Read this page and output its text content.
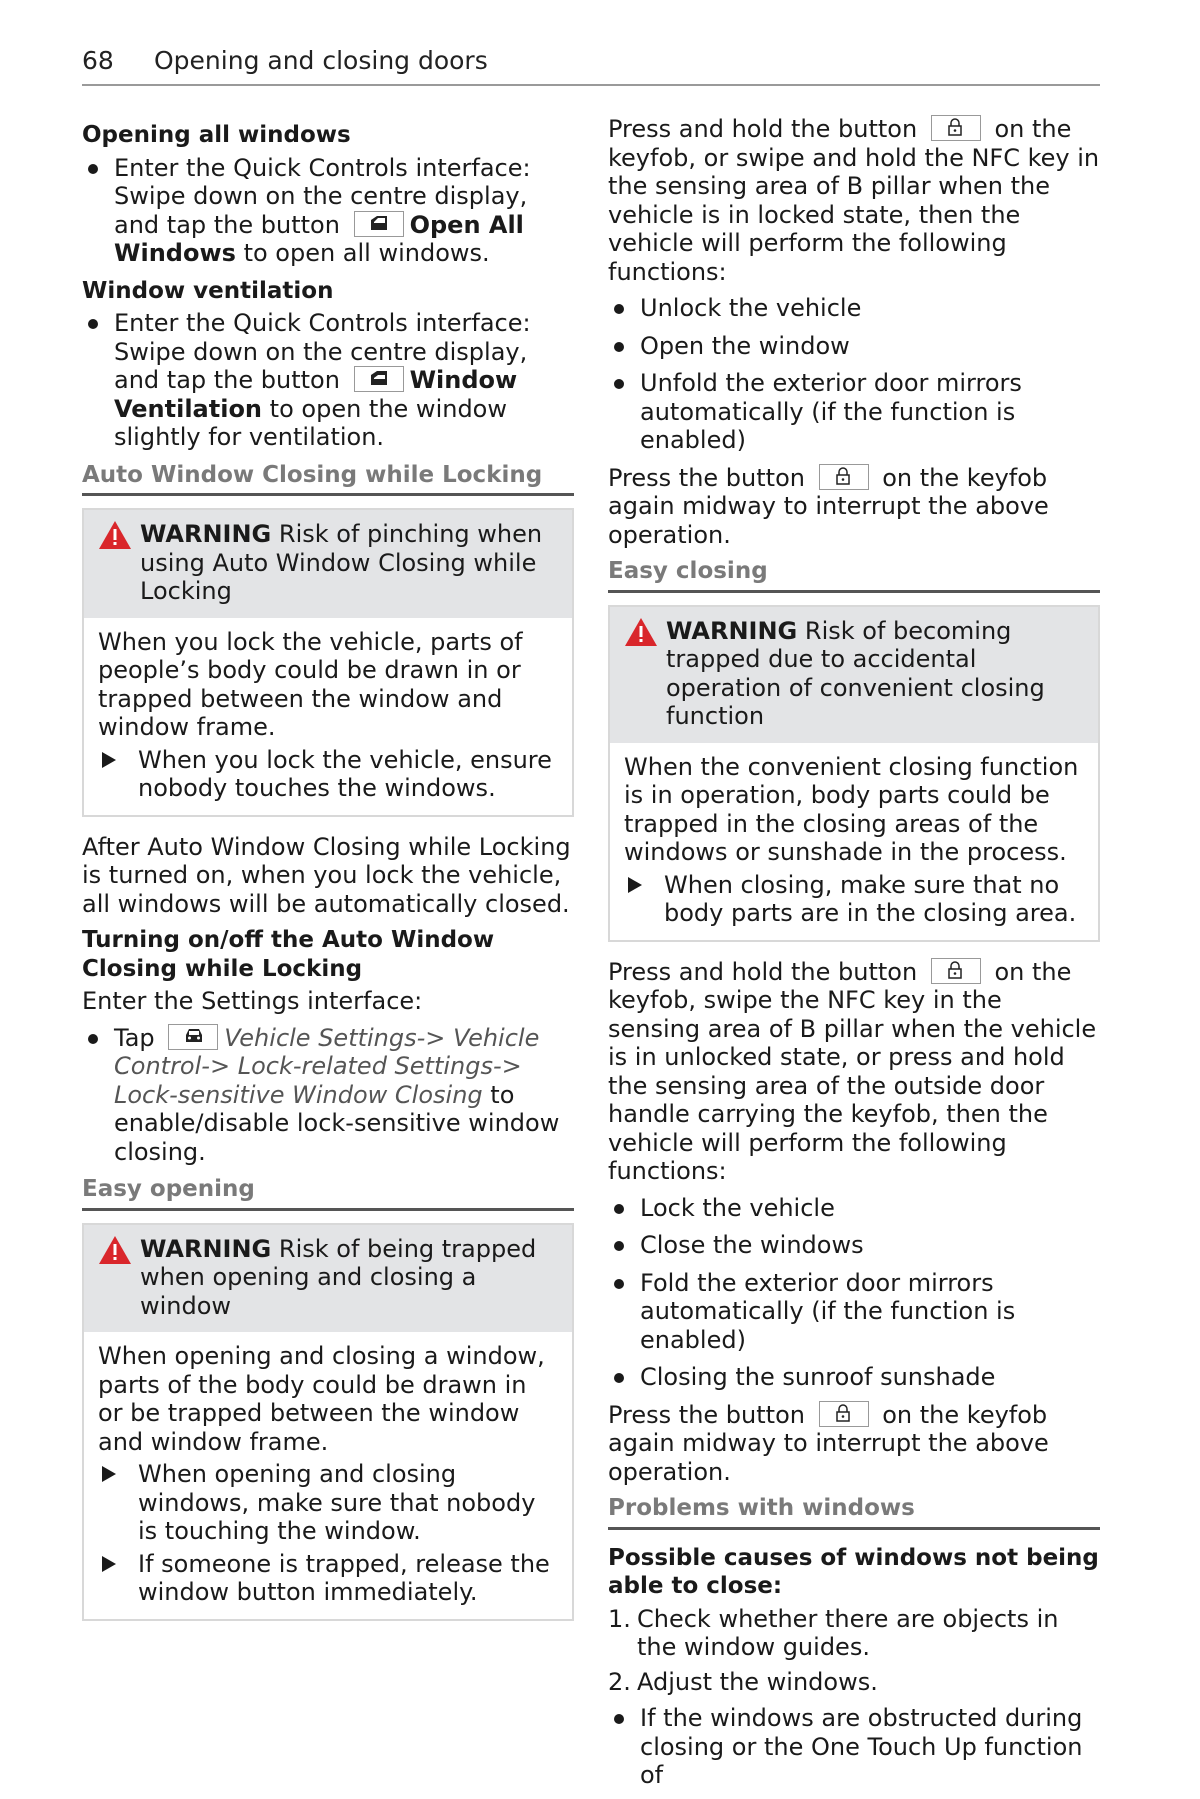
68 Opening and closing doors
Opening all windows
Enter the Quick Controls interface: Swipe down on the centre display, and tap the button	Open All Windows to open all windows.
Window ventilation
Enter the Quick Controls interface: Swipe down on the centre display, and tap the button	Window Ventilation to open the window slightly for ventilation.
Auto Window Closing while Locking
WARNING Risk of pinching when using Auto Window Closing while Locking
When you lock the vehicle, parts of people’s body could be drawn in or trapped between the window and window frame.
When you lock the vehicle, ensure nobody touches the windows.

After Auto Window Closing while Locking is turned on, when you lock the vehicle, all windows will be automatically closed.

Turning on/off the Auto Window Closing while Locking

Enter the Settings interface:

Tap	Vehicle Settings-> Vehicle Control-> Lock-related Settings-> Lock-sensitive Window Closing to enable/disable lock-sensitive window closing.
Easy opening
WARNING Risk of being trapped when opening and closing a window
When opening and closing a window, parts of the body could be drawn in or be trapped between the window and window frame.
When opening and closing windows, make sure that nobody is touching the window.
If someone is trapped, release the window button immediately.

Press and hold the button	on the keyfob, or swipe and hold the NFC key in the sensing area of B pillar when the vehicle is in locked state, then the vehicle will perform the following functions:

Unlock the vehicle
Open the window
Unfold the exterior door mirrors automatically (if the function is enabled)

Press the button	on the keyfob again midway to interrupt the above operation.

Easy closing
WARNING Risk of becoming trapped due to accidental operation of convenient closing function
When the convenient closing function is in operation, body parts could be trapped in the closing areas of the windows or sunshade in the process.
When closing, make sure that no body parts are in the closing area.

Press and hold the button	on the keyfob, swipe the NFC key in the sensing area of B pillar when the vehicle is in unlocked state, or press and hold the sensing area of the outside door handle carrying the keyfob, then the vehicle will perform the following functions:

Lock the vehicle
Close the windows
Fold the exterior door mirrors automatically (if the function is enabled)
Closing the sunroof sunshade

Press the button	on the keyfob again midway to interrupt the above operation.

Problems with windows
Possible causes of windows not being able to close:
1. Check whether there are objects in the window guides.
2. Adjust the windows.
If the windows are obstructed during closing or the One Touch Up function of
